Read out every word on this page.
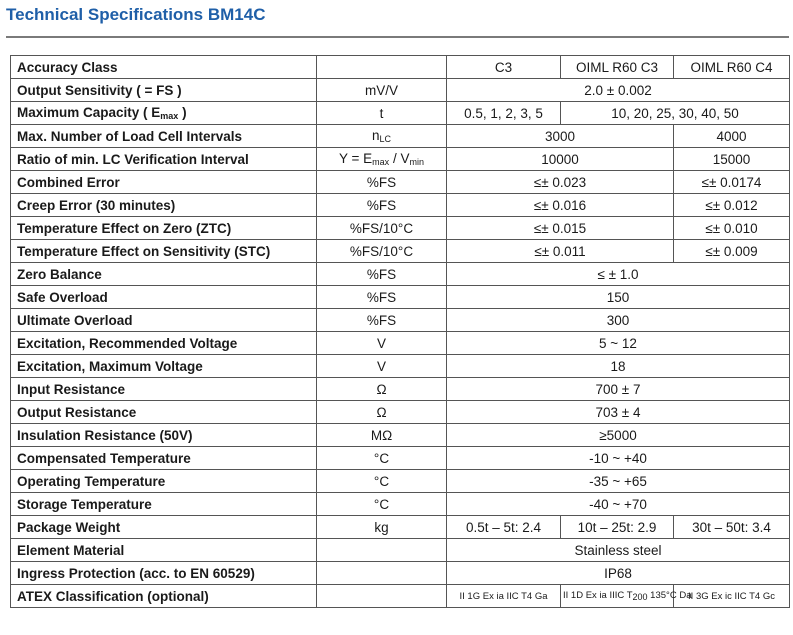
Technical Specifications BM14C
Accuracy Class		C3	OIML R60 C3	OIML R60 C4
Output Sensitivity ( = FS )	mV/V	2.0 ± 0.002		
Maximum Capacity ( $E_{max}$ )	t	0.5, 1, 2, 3, 5	10, 20, 25, 30, 40, 50	
Max. Number of Load Cell Intervals	$n_{LC}$	3000		4000
Ratio of min. LC Verification Interval	$Y = E_{max} / V_{min}$	10000		15000
Combined Error	%FS	≤± 0.023		≤± 0.0174
Creep Error (30 minutes)	%FS	≤± 0.016		≤± 0.012
Temperature Effect on Zero (ZTC)	%FS/10°C	≤± 0.015		≤± 0.010
Temperature Effect on Sensitivity (STC)	%FS/10°C	≤± 0.011		≤± 0.009
Zero Balance	%FS	≤ ± 1.0		
Safe Overload	%FS	150		
Ultimate Overload	%FS	300		
Excitation, Recommended Voltage	V	5 ~ 12		
Excitation, Maximum Voltage	V	18		
Input Resistance	Ω	700 ± 7		
Output Resistance	Ω	703 ± 4		
Insulation Resistance (50V)	MΩ	≥5000		
Compensated Temperature	°C	-10 ~ +40		
Operating Temperature	°C	-35 ~ +65		
Storage Temperature	°C	-40 ~ +70		
Package Weight	kg	0.5t – 5t: 2.4	10t – 25t: 2.9	30t – 50t: 3.4
Element Material		Stainless steel		
Ingress Protection (acc. to EN 60529)		IP68		
ATEX Classification (optional)		II 1G Ex ia IIC T4 Ga	II 1D Ex ia IIIC $T_{200}$ 135°C Da	II 3G Ex ic IIC T4 Gc
